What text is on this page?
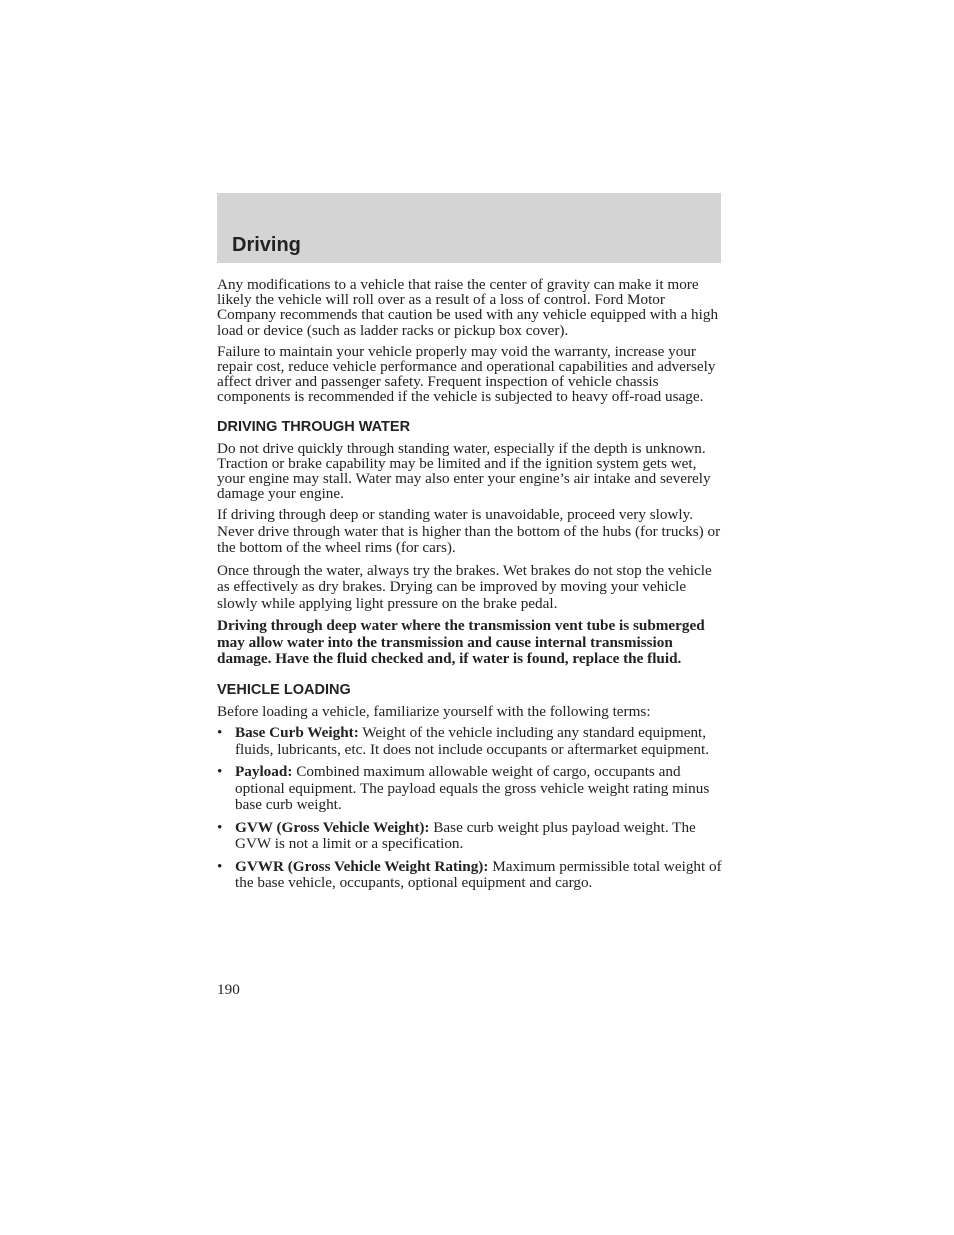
Driving

Any modifications to a vehicle that raise the center of gravity can make it more likely the vehicle will roll over as a result of a loss of control. Ford Motor Company recommends that caution be used with any vehicle equipped with a high load or device (such as ladder racks or pickup box cover).

Failure to maintain your vehicle properly may void the warranty, increase your repair cost, reduce vehicle performance and operational capabilities and adversely affect driver and passenger safety. Frequent inspection of vehicle chassis components is recommended if the vehicle is subjected to heavy off-road usage.

DRIVING THROUGH WATER

Do not drive quickly through standing water, especially if the depth is unknown. Traction or brake capability may be limited and if the ignition system gets wet, your engine may stall. Water may also enter your engine’s air intake and severely damage your engine.

If driving through deep or standing water is unavoidable, proceed very slowly. Never drive through water that is higher than the bottom of the hubs (for trucks) or the bottom of the wheel rims (for cars).

Once through the water, always try the brakes. Wet brakes do not stop the vehicle as effectively as dry brakes. Drying can be improved by moving your vehicle slowly while applying light pressure on the brake pedal.

Driving through deep water where the transmission vent tube is submerged may allow water into the transmission and cause internal transmission damage. Have the fluid checked and, if water is found, replace the fluid.

VEHICLE LOADING

Before loading a vehicle, familiarize yourself with the following terms:

• Base Curb Weight: Weight of the vehicle including any standard equipment, fluids, lubricants, etc. It does not include occupants or aftermarket equipment.
• Payload: Combined maximum allowable weight of cargo, occupants and optional equipment. The payload equals the gross vehicle weight rating minus base curb weight.
• GVW (Gross Vehicle Weight): Base curb weight plus payload weight. The GVW is not a limit or a specification.
• GVWR (Gross Vehicle Weight Rating): Maximum permissible total weight of the base vehicle, occupants, optional equipment and cargo.
190
